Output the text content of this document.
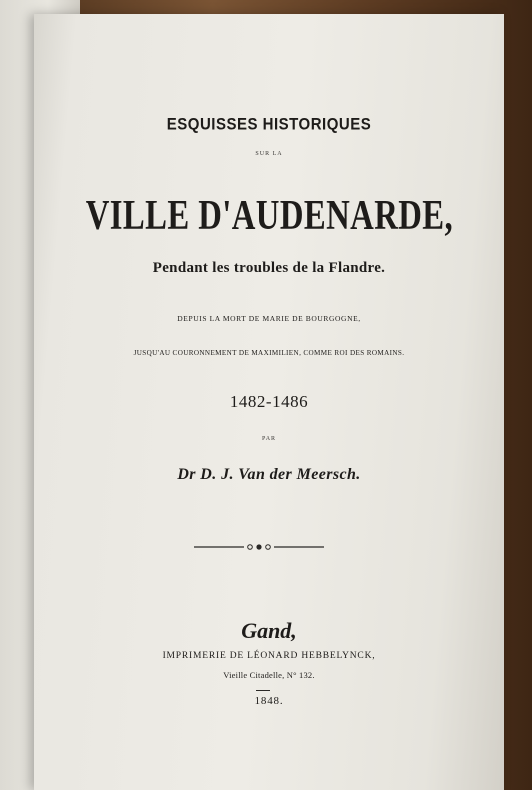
ESQUISSES HISTORIQUES
SUR LA
VILLE D'AUDENARDE,
Pendant les troubles de la Flandre.
DEPUIS LA MORT DE MARIE DE BOURGOGNE,
JUSQU'AU COURONNEMENT DE MAXIMILIEN, COMME ROI DES ROMAINS.
1482-1486
PAR
Dr D. J. Van der Meersch.
Gand,
IMPRIMERIE DE LÉONARD HEBBELYNCK,
Vieille Citadelle, N° 132.
1848.
